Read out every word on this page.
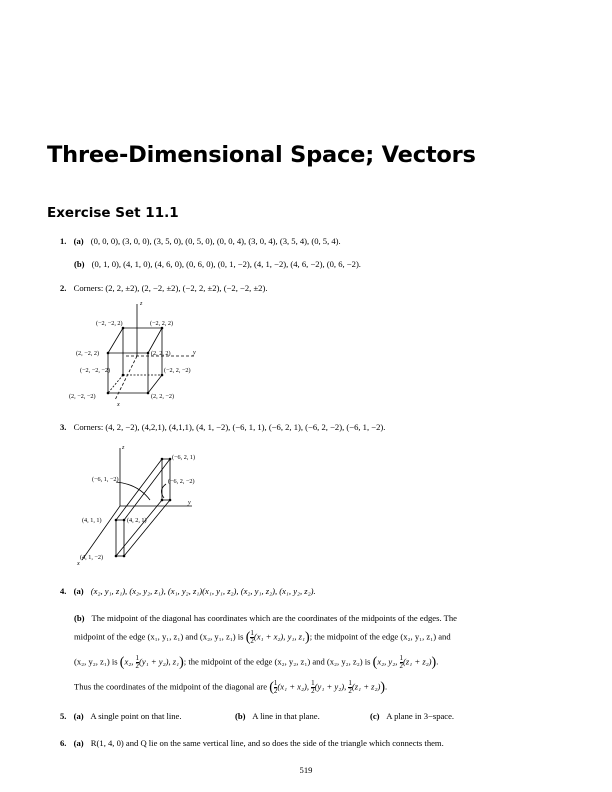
Three-Dimensional Space; Vectors
Exercise Set 11.1
1. (a) (0, 0, 0), (3, 0, 0), (3, 5, 0), (0, 5, 0), (0, 0, 4), (3, 0, 4), (3, 5, 4), (0, 5, 4).
(b) (0, 1, 0), (4, 1, 0), (4, 6, 0), (0, 6, 0), (0, 1, −2), (4, 1, −2), (4, 6, −2), (0, 6, −2).
2. Corners: (2, 2, ±2), (2, −2, ±2), (−2, 2, ±2), (−2, −2, ±2).
z
y
x
(−2, −2, 2)	(−2, 2, 2)
(2, −2, 2)	(2, 2, 2)
(−2, −2, −2)	(−2, 2, −2)
(2, −2, −2)	(2, 2, −2)
3. Corners: (4, 2, −2), (4,2,1), (4,1,1), (4, 1, −2), (−6, 1, 1), (−6, 2, 1), (−6, 2, −2), (−6, 1, −2).
z
y
x
(−6, 2, 1)
(−6, 1, −2)	(−6, 2, −2)
(4, 1, 1)	(4, 2, 1)
(4, 1, −2)
4. (a) (x₂, y₁, z₁), (x₂, y₂, z₁), (x₁, y₂, z₁)(x₁, y₁, z₂), (x₂, y₁, z₂), (x₁, y₂, z₂).
(b) The midpoint of the diagonal has coordinates which are the coordinates of the midpoints of the edges. The
midpoint of the edge (x₁, y₁, z₁) and (x₂, y₁, z₁) is ( $\frac{1}{2} (x_1 + x_2)$, y₁, z₁); the midpoint of the edge (x₂, y₁, z₁) and
(x₂, y₂, z₁) is (x₂, $\frac{1}{2} (y_1 + y_2)$, z₁); the midpoint of the edge (x₂, y₂, z₁) and (x₂, y₂, z₂) is (x₂, y₂, $\frac{1}{2} (z_1 + z_2)$).
Thus the coordinates of the midpoint of the diagonal are ( $\frac{1}{2} (x_1 + x_2)$, $\frac{1}{2} (y_1 + y_2)$, $\frac{1}{2} (z_1 + z_2)$).
5. (a) A single point on that line.	(b) A line in that plane.	(c) A plane in 3−space.
6. (a) R(1, 4, 0) and Q lie on the same vertical line, and so does the side of the triangle which connects them.
519
